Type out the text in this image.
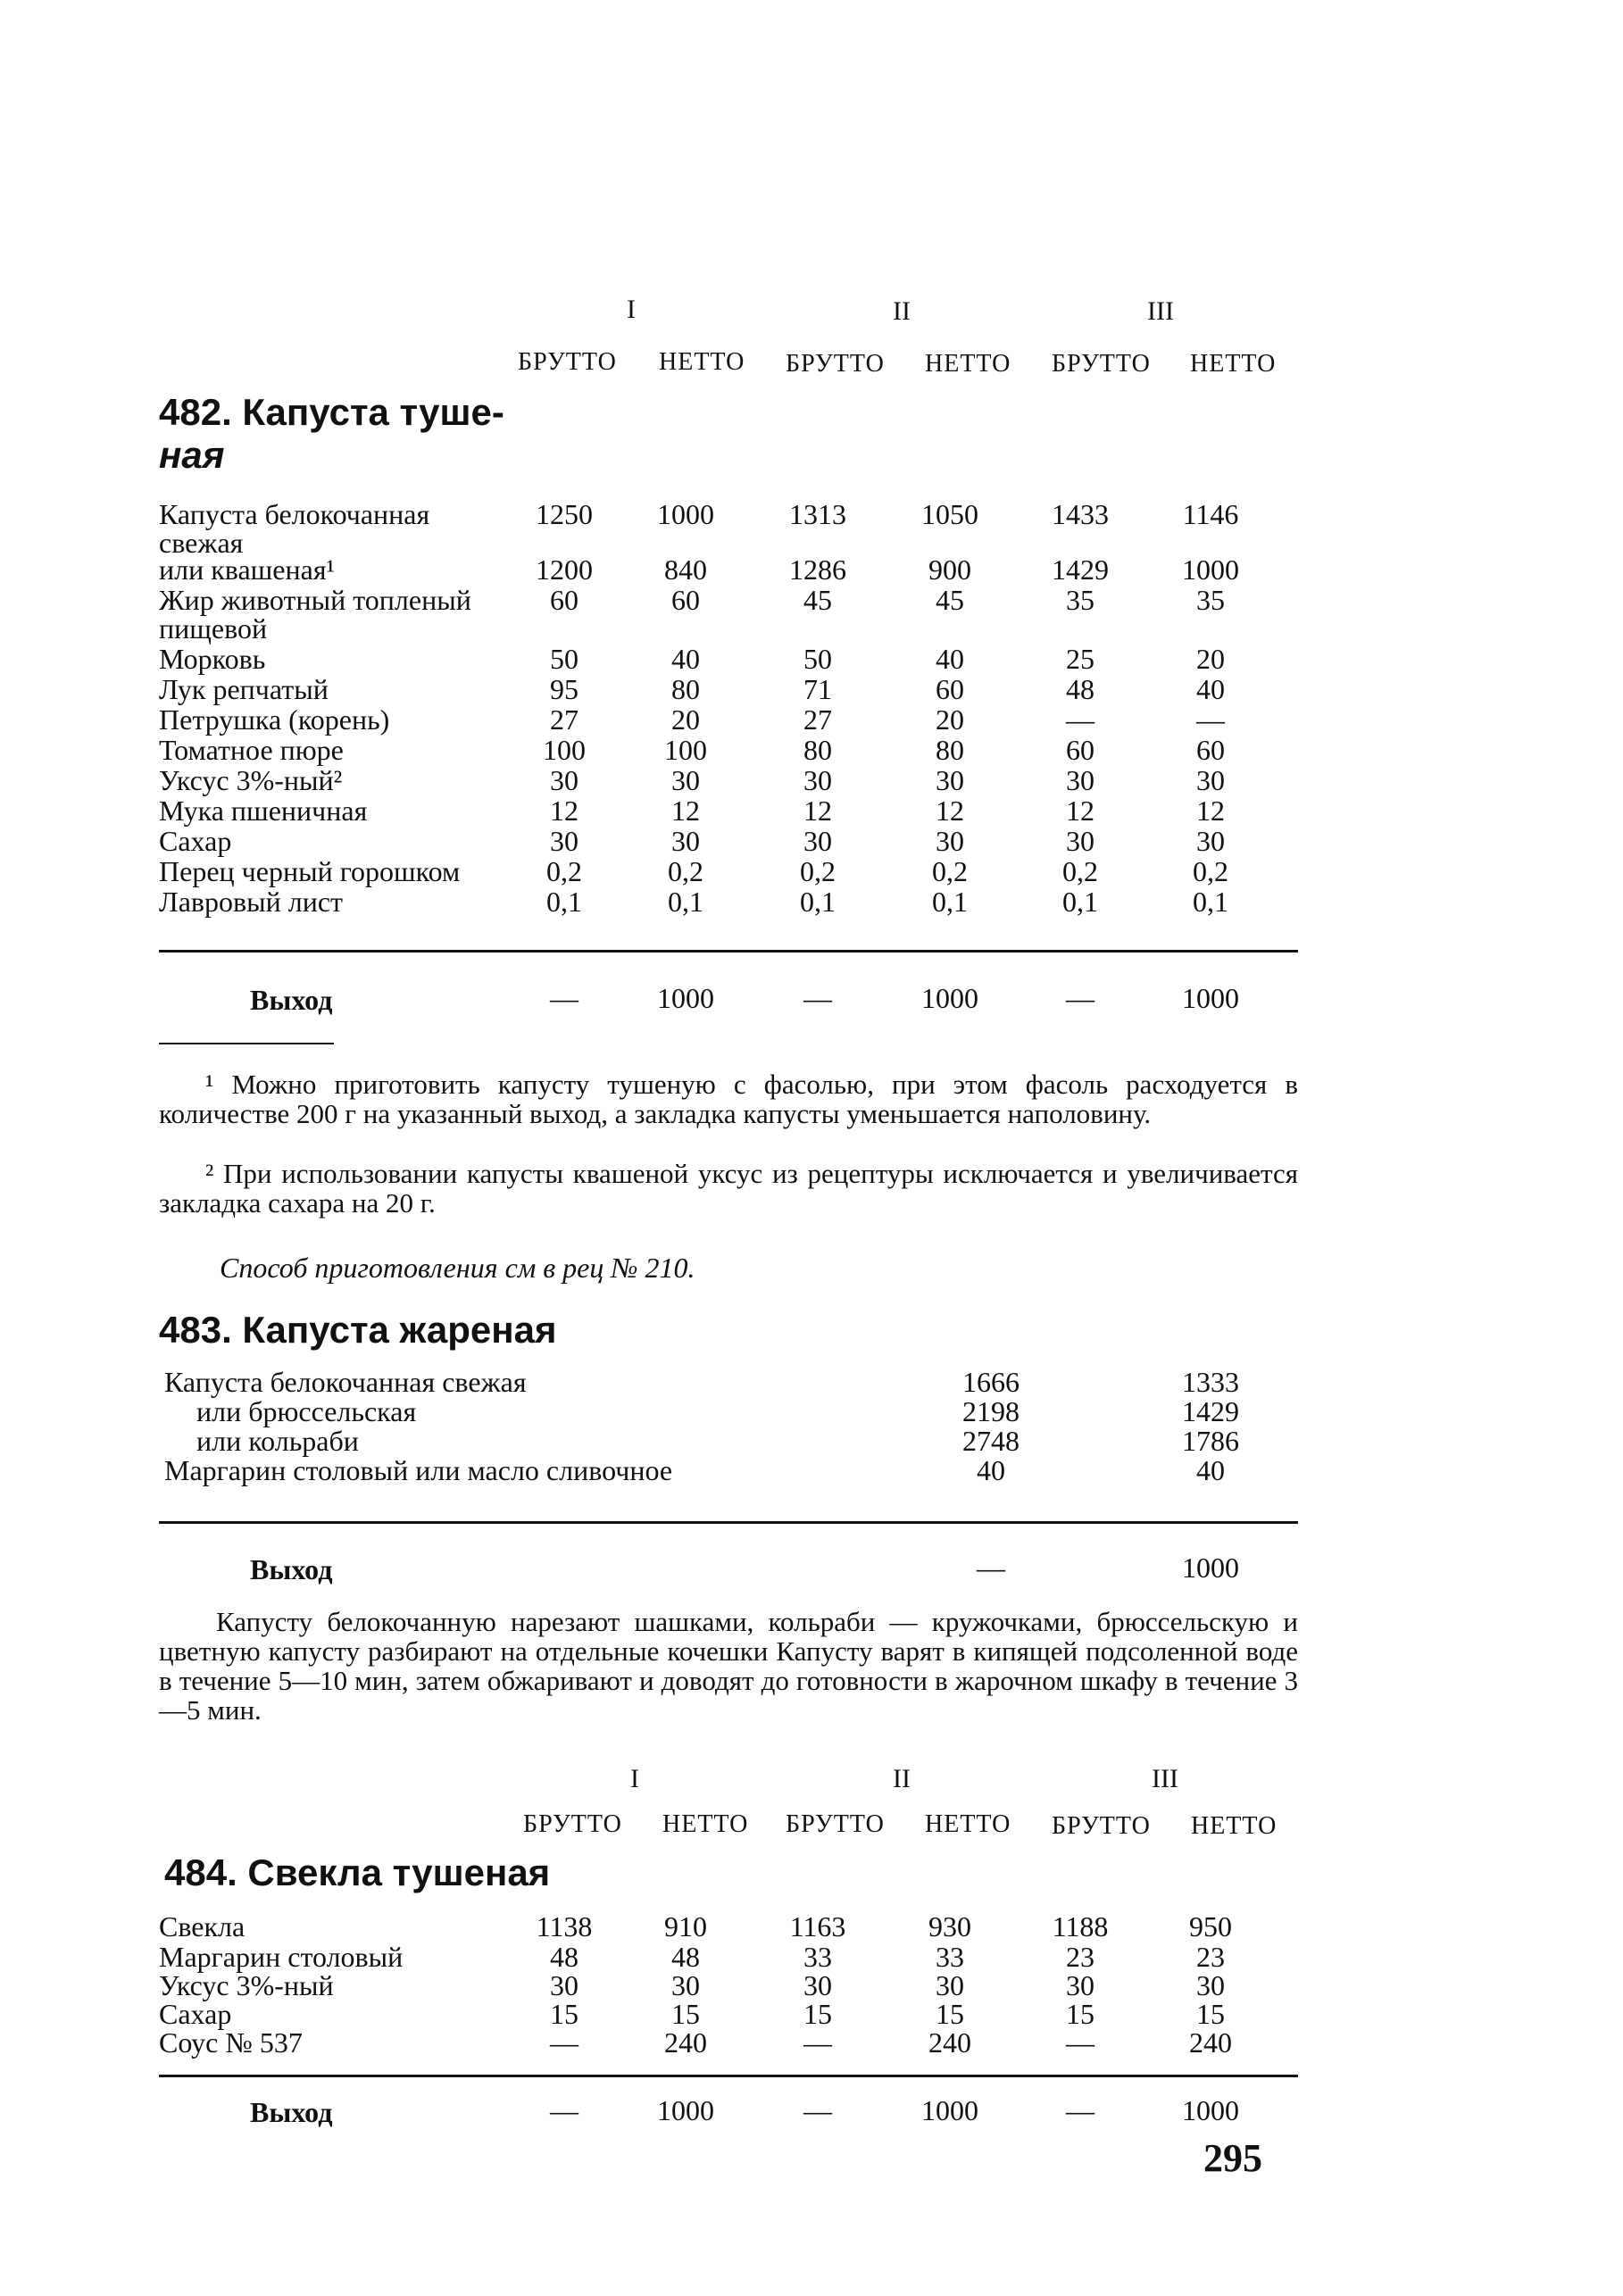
I	II	III
БРУТТО НЕТТО БРУТТО НЕТТО БРУТТО НЕТТО
482. Капуста туше-
ная
Капуста белокочанная
свежая
1250	1000	1313	1050	1433	1146
или квашеная¹	1200	840	1286	900	1429	1000
Жир животный топленый
пищевой
60	60	45	45	35	35
Морковь	50	40	50	40	25	20
Лук репчатый	95	80	71	60	48	40
Петрушка (корень)	27	20	27	20	—	—
Томатное пюре	100	100	80	80	60	60
Уксус 3%-ный²	30	30	30	30	30	30
Мука пшеничная	12	12	12	12	12	12
Сахар	30	30	30	30	30	30
Перец черный горошком	0,2	0,2	0,2	0,2	0,2	0,2
Лавровый лист	0,1	0,1	0,1	0,1	0,1	0,1
Выход	—	1000	—	1000	—	1000
¹ Можно приготовить капусту тушеную с фасолью, при этом фасоль расходуется в количестве 200 г на указанный выход, а закладка капусты уменьшается наполовину.
² При использовании капусты квашеной уксус из рецептуры исключается и увеличивается закладка сахара на 20 г.
Способ приготовления см в рец № 210.
483. Капуста жареная
Капуста белокочанная свежая	1666	1333
или брюссельская	2198	1429
или кольраби	2748	1786
Маргарин столовый или масло сливочное	40	40
Выход	—	1000
Капусту белокочанную нарезают шашками, кольраби — кружочками, брюссельскую и цветную капусту разбирают на отдельные кочешки Капусту варят в кипящей подсоленной воде в течение 5—10 мин, затем обжаривают и доводят до готовности в жарочном шкафу в течение 3—5 мин.
I	II	III
БРУТТО НЕТТО БРУТТО НЕТТО БРУТТО НЕТТО
484. Свекла тушеная
Свекла	1138	910	1163	930	1188	950
Маргарин столовый	48	48	33	33	23	23
Уксус 3%-ный	30	30	30	30	30	30
Сахар	15	15	15	15	15	15
Соус № 537	—	240	—	240	—	240
Выход	—	1000	—	1000	—	1000
295
